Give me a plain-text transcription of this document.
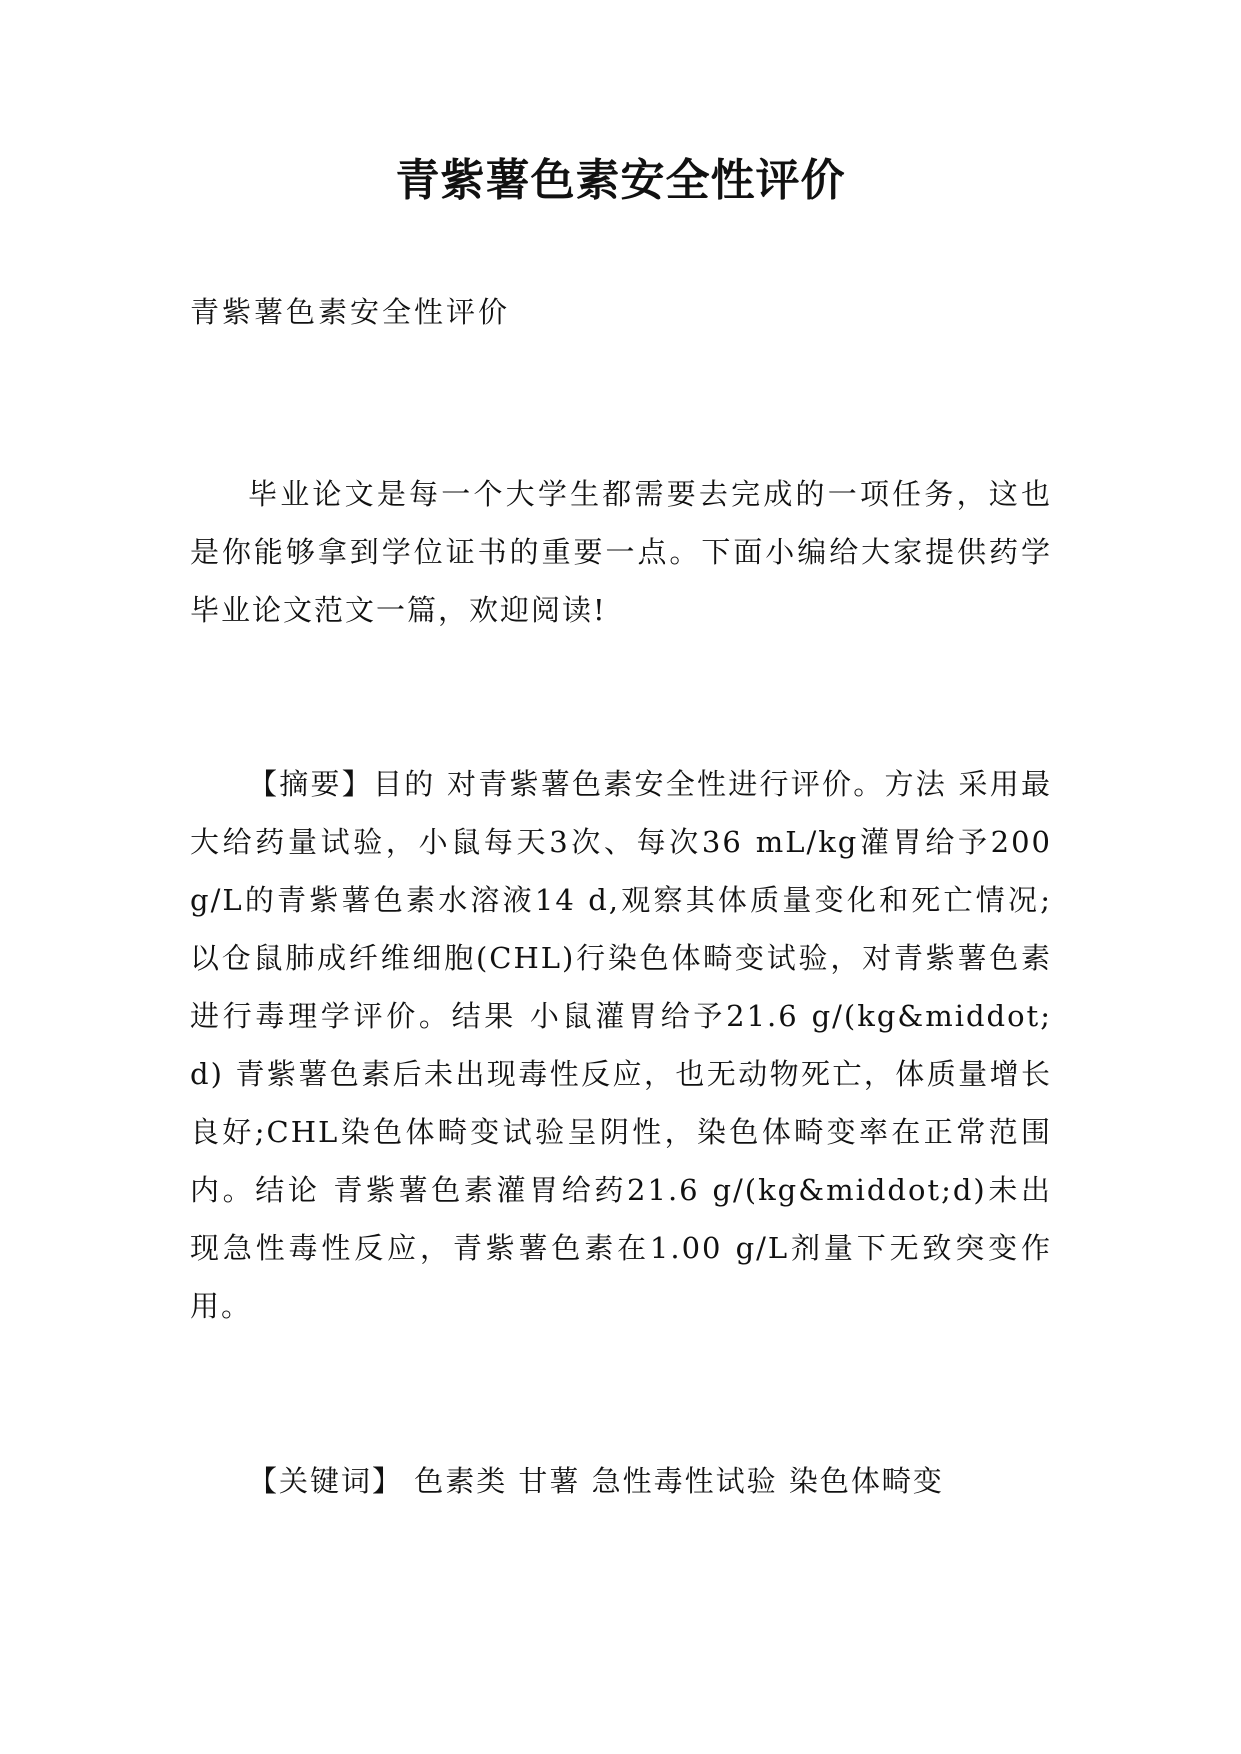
青紫薯色素安全性评价
青紫薯色素安全性评价

毕业论文是每一个大学生都需要去完成的一项任务，这也是你能够拿到学位证书的重要一点。下面小编给大家提供药学毕业论文范文一篇，欢迎阅读!

【摘要】目的 对青紫薯色素安全性进行评价。方法 采用最大给药量试验，小鼠每天3次、每次36 mL/kg灌胃给予200 g/L的青紫薯色素水溶液14 d,观察其体质量变化和死亡情况;以仓鼠肺成纤维细胞(CHL)行染色体畸变试验，对青紫薯色素进行毒理学评价。结果 小鼠灌胃给予21.6 g/(kg&middot;d) 青紫薯色素后未出现毒性反应，也无动物死亡，体质量增长良好;CHL染色体畸变试验呈阴性，染色体畸变率在正常范围内。结论 青紫薯色素灌胃给药21.6 g/(kg&middot;d)未出现急性毒性反应，青紫薯色素在1.00 g/L剂量下无致突变作用。

【关键词】 色素类 甘薯 急性毒性试验 染色体畸变
